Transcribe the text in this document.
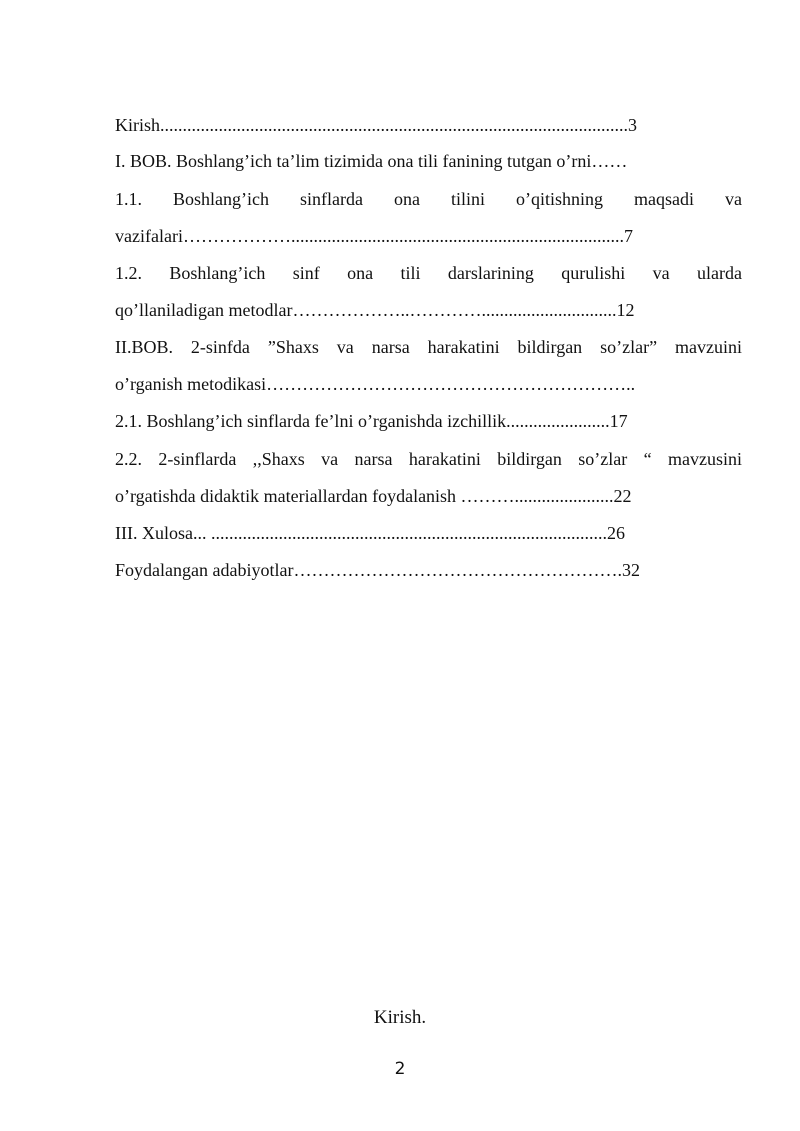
Kirish........................................................................................................3
I. BOB. Boshlang’ich ta’lim tizimida ona tili fanining tutgan o’rni……
1.1. Boshlang’ich sinflarda ona tilini o’qitishning maqsadi va
vazifalari………………..........................................................................7
1.2. Boshlang’ich sinf ona tili darslarining qurulishi va ularda
qo’llaniladigan metodlar………………..…………..............................12
II.BOB. 2-sinfda ”Shaxs va narsa harakatini bildirgan so’zlar” mavzuini
o’rganish metodikasi……………………………………………………..
2.1. Boshlang’ich sinflarda fe’lni o’rganishda izchillik.......................17
2.2. 2-sinflarda ,,Shaxs va narsa harakatini bildirgan so’zlar “ mavzusini
o’rgatishda didaktik materiallardan foydalanish ………......................22
III. Xulosa... ........................................................................................26
Foydalangan adabiyotlar……………………………………………….32
Kirish.
2
